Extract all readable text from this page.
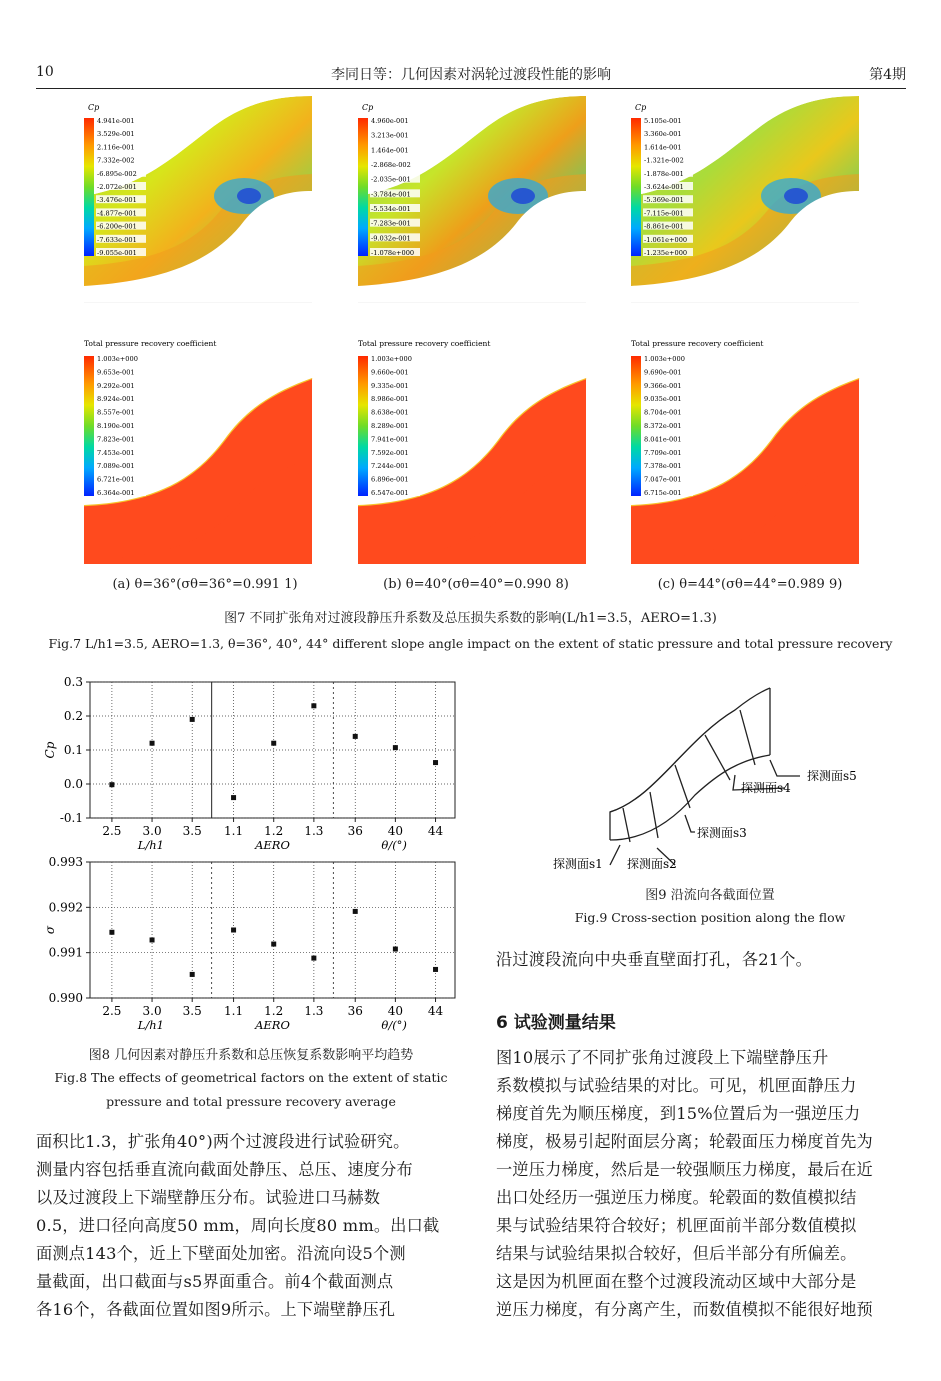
10	李同日等：几何因素对涡轮过渡段性能的影响	第4期
Cp
4.941e-001
3.529e-001
2.116e-001
7.332e-002
-6.895e-002
-2.072e-001
-3.476e-001
-4.877e-001
-6.200e-001
-7.633e-001
-9.055e-001
Total pressure recovery coefficient
1.003e+000
9.653e-001
9.292e-001
8.924e-001
8.557e-001
8.190e-001
7.823e-001
7.453e-001
7.089e-001
6.721e-001
6.364e-001
Cp
4.960e-001
3.213e-001
1.464e-001
-2.868e-002
-2.035e-001
-3.784e-001
-5.534e-001
-7.283e-001
-9.032e-001
-1.078e+000
Total pressure recovery coefficient
1.003e+000
9.660e-001
9.335e-001
8.986e-001
8.638e-001
8.289e-001
7.941e-001
7.592e-001
7.244e-001
6.896e-001
6.547e-001
Cp
5.105e-001
3.360e-001
1.614e-001
-1.321e-002
-1.878e-001
-3.624e-001
-5.369e-001
-7.115e-001
-8.861e-001
-1.061e+000
-1.235e+000
Total pressure recovery coefficient
1.003e+000
9.690e-001
9.366e-001
9.035e-001
8.704e-001
8.372e-001
8.041e-001
7.709e-001
7.378e-001
7.047e-001
6.715e-001
(a) θ=36°(σθ=36°=0.991 1)	(b) θ=40°(σθ=40°=0.990 8)	(c) θ=44°(σθ=44°=0.989 9)
图7 不同扩张角对过渡段静压升系数及总压损失系数的影响(L/h1=3.5，AERO=1.3)
Fig.7 L/h1=3.5, AERO=1.3, θ=36°, 40°, 44° different slope angle impact on the extent of static pressure and total pressure recovery
0.3
0.2
0.1
0.0
-0.1
Cp
2.5 3.0 3.5
L/h1
1.1 1.2 1.3
AERO
36 40 44
θ/(°)
0.993
0.992
0.991
0.990
σ
2.5 3.0 3.5
L/h1
1.1 1.2 1.3
AERO
36 40 44
θ/(°)
图8 几何因素对静压升系数和总压恢复系数影响平均趋势
Fig.8 The effects of geometrical factors on the extent of static
pressure and total pressure recovery average
探测面s5
探测面s4
探测面s3
探测面s1 探测面s2
图9 沿流向各截面位置
Fig.9 Cross-section position along the flow
沿过渡段流向中央垂直壁面打孔，各21个。
6 试验测量结果
图10展示了不同扩张角过渡段上下端壁静压升
系数模拟与试验结果的对比。可见，机匣面静压力
梯度首先为顺压梯度，到15%位置后为一强逆压力
梯度，极易引起附面层分离；轮毂面压力梯度首先为
一逆压力梯度，然后是一较强顺压力梯度，最后在近
出口处经历一强逆压力梯度。轮毂面的数值模拟结
果与试验结果符合较好；机匣面前半部分数值模拟
结果与试验结果拟合较好，但后半部分有所偏差。
这是因为机匣面在整个过渡段流动区域中大部分是
逆压力梯度，有分离产生，而数值模拟不能很好地预
面积比1.3，扩张角40°)两个过渡段进行试验研究。
测量内容包括垂直流向截面处静压、总压、速度分布
以及过渡段上下端壁静压分布。试验进口马赫数
0.5，进口径向高度50 mm，周向长度80 mm。出口截
面测点143个，近上下壁面处加密。沿流向设5个测
量截面，出口截面与s5界面重合。前4个截面测点
各16个，各截面位置如图9所示。上下端壁静压孔
